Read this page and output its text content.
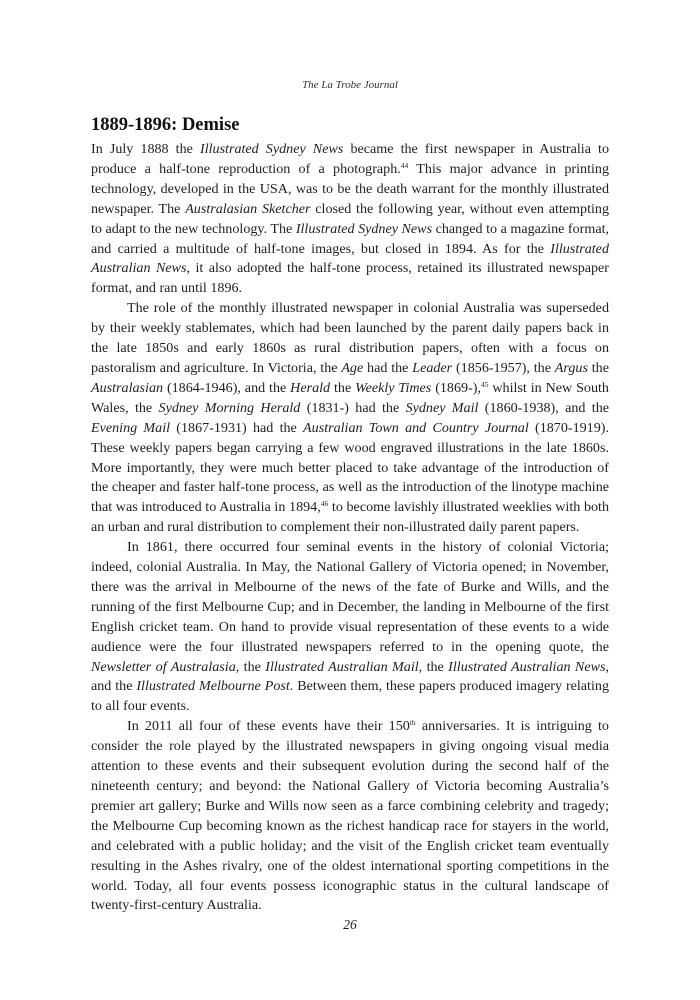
The La Trobe Journal
1889-1896: Demise

In July 1888 the Illustrated Sydney News became the first newspaper in Australia to produce a half-tone reproduction of a photograph.$^{44}$ This major advance in printing technology, developed in the USA, was to be the death warrant for the monthly illustrated newspaper. The Australasian Sketcher closed the following year, without even attempting to adapt to the new technology. The Illustrated Sydney News changed to a magazine format, and carried a multitude of half-tone images, but closed in 1894. As for the Illustrated Australian News, it also adopted the half-tone process, retained its illustrated newspaper format, and ran until 1896.

The role of the monthly illustrated newspaper in colonial Australia was superseded by their weekly stablemates, which had been launched by the parent daily papers back in the late 1850s and early 1860s as rural distribution papers, often with a focus on pastoralism and agriculture. In Victoria, the Age had the Leader (1856-1957), the Argus the Australasian (1864-1946), and the Herald the Weekly Times (1869-),$^{45}$ whilst in New South Wales, the Sydney Morning Herald (1831-) had the Sydney Mail (1860-1938), and the Evening Mail (1867-1931) had the Australian Town and Country Journal (1870-1919). These weekly papers began carrying a few wood engraved illustrations in the late 1860s. More importantly, they were much better placed to take advantage of the introduction of the cheaper and faster half-tone process, as well as the introduction of the linotype machine that was introduced to Australia in 1894,46 to become lavishly illustrated weeklies with both an urban and rural distribution to complement their non-illustrated daily parent papers.

In 1861, there occurred four seminal events in the history of colonial Victoria; indeed, colonial Australia. In May, the National Gallery of Victoria opened; in November, there was the arrival in Melbourne of the news of the fate of Burke and Wills, and the running of the first Melbourne Cup; and in December, the landing in Melbourne of the first English cricket team. On hand to provide visual representation of these events to a wide audience were the four illustrated newspapers referred to in the opening quote, the Newsletter of Australasia, the Illustrated Australian Mail, the Illustrated Australian News, and the Illustrated Melbourne Post. Between them, these papers produced imagery relating to all four events.

In 2011 all four of these events have their 150th anniversaries. It is intriguing to consider the role played by the illustrated newspapers in giving ongoing visual media attention to these events and their subsequent evolution during the second half of the nineteenth century; and beyond: the National Gallery of Victoria becoming Australia’s premier art gallery; Burke and Wills now seen as a farce combining celebrity and tragedy; the Melbourne Cup becoming known as the richest handicap race for stayers in the world, and celebrated with a public holiday; and the visit of the English cricket team eventually resulting in the Ashes rivalry, one of the oldest international sporting competitions in the world. Today, all four events possess iconographic status in the cultural landscape of twenty-first-century Australia.

26
